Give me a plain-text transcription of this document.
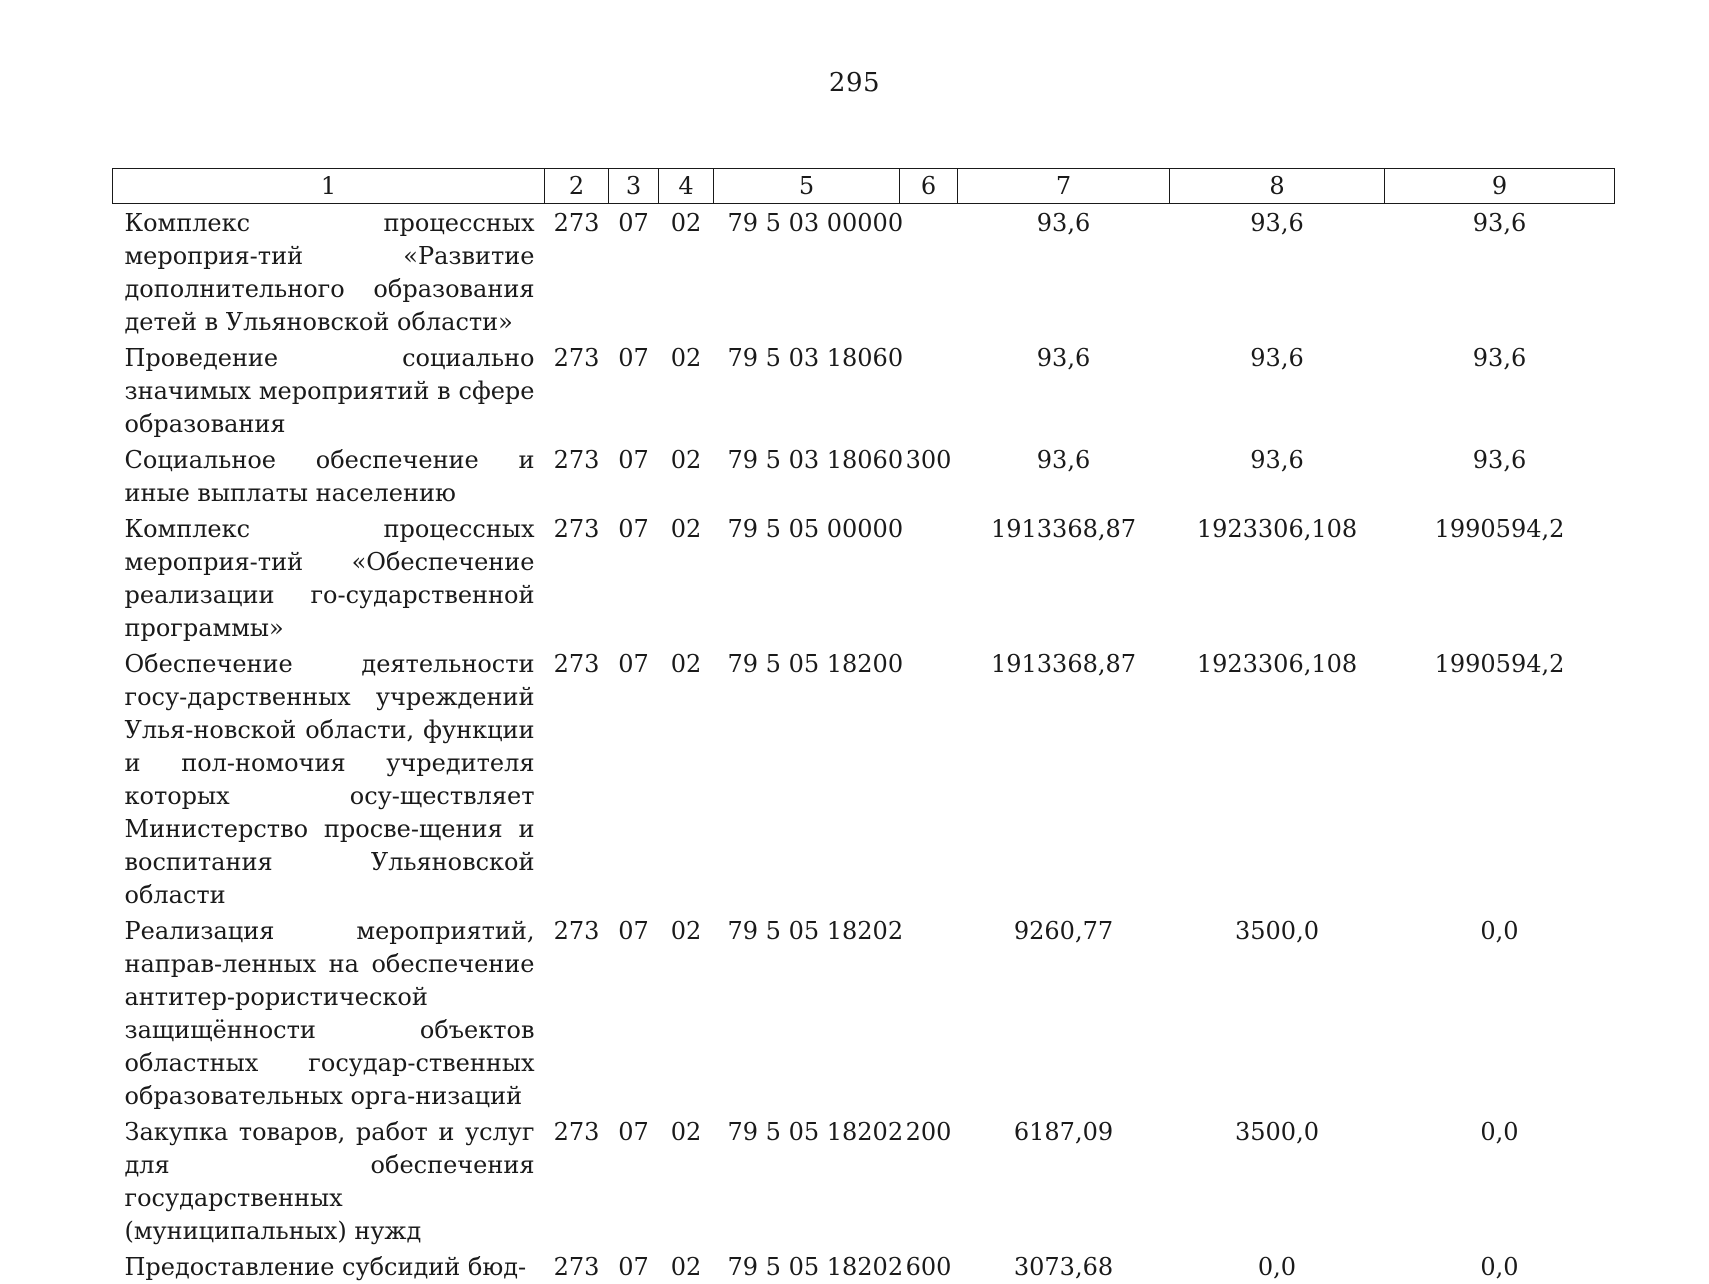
295
1	2	3	4	5	6	7	8	9
Комплекс процессных мероприя-тий «Развитие дополнительного образования детей в Ульяновской области»	273	07	02	79 5 03 00000		93,6	93,6	93,6
Проведение социально значимых мероприятий в сфере образования	273	07	02	79 5 03 18060		93,6	93,6	93,6
Социальное обеспечение и иные выплаты населению	273	07	02	79 5 03 18060	300	93,6	93,6	93,6
Комплекс процессных мероприя-тий «Обеспечение реализации го-сударственной программы»	273	07	02	79 5 05 00000		1913368,87	1923306,108	1990594,2
Обеспечение деятельности госу-дарственных учреждений Улья-новской области, функции и пол-номочия учредителя которых осу-ществляет Министерство просве-щения и воспитания Ульяновской области	273	07	02	79 5 05 18200		1913368,87	1923306,108	1990594,2
Реализация мероприятий, направ-ленных на обеспечение антитер-рористической защищённости объектов областных государ-ственных образовательных орга-низаций	273	07	02	79 5 05 18202		9260,77	3500,0	0,0
Закупка товаров, работ и услуг для обеспечения государственных (муниципальных) нужд	273	07	02	79 5 05 18202	200	6187,09	3500,0	0,0
Предоставление субсидий бюд-	273	07	02	79 5 05 18202	600	3073,68	0,0	0,0
